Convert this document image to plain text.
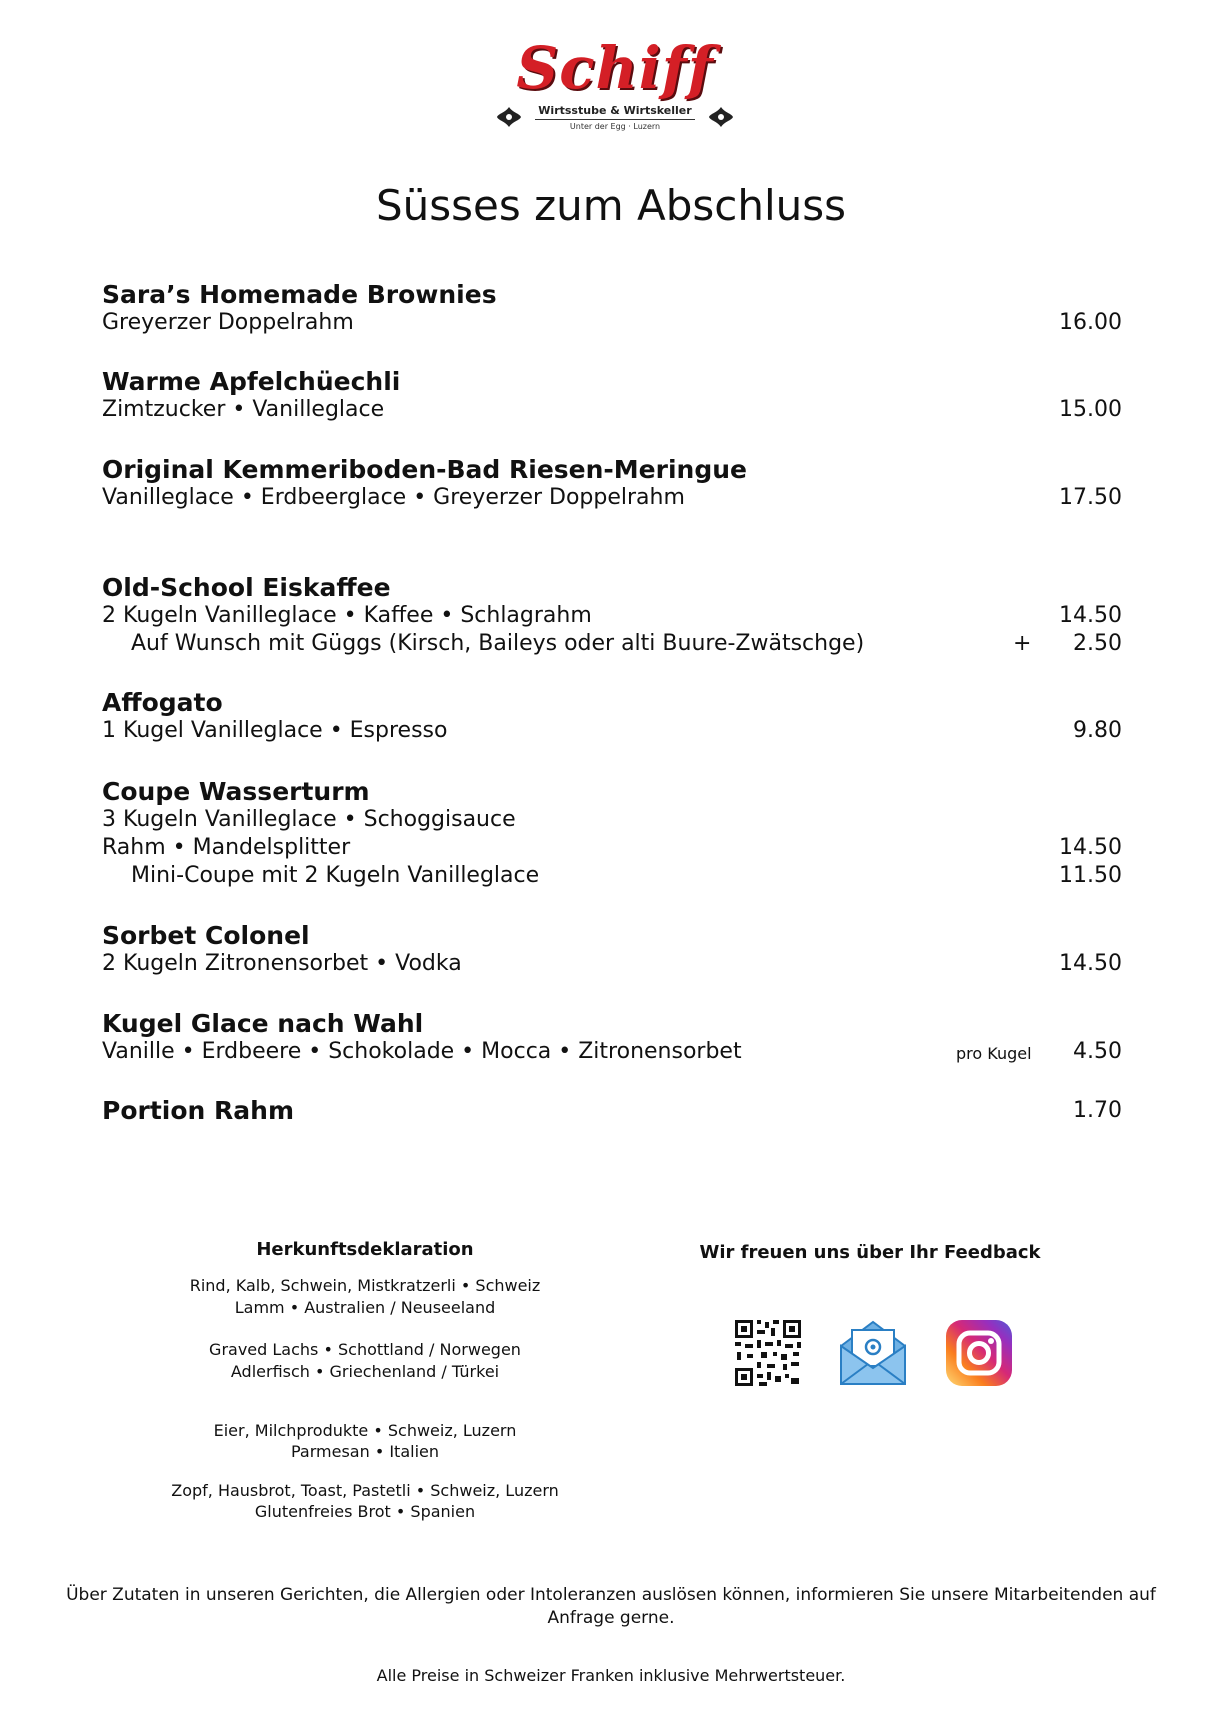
Schiff
Wirtsstube & Wirtskeller
Unter der Egg · Luzern
Süsses zum Abschluss
Sara’s Homemade Brownies
Greyerzer Doppelrahm	16.00
Warme Apfelchüechli
Zimtzucker • Vanilleglace	15.00
Original Kemmeriboden-Bad Riesen-Meringue
Vanilleglace • Erdbeerglace • Greyerzer Doppelrahm	17.50
Old-School Eiskaffee
2 Kugeln Vanilleglace • Kaffee • Schlagrahm	14.50
Auf Wunsch mit Güggs (Kirsch, Baileys oder alti Buure-Zwätschge)	+	2.50
Affogato
1 Kugel Vanilleglace • Espresso	9.80
Coupe Wasserturm
3 Kugeln Vanilleglace • Schoggisauce
Rahm • Mandelsplitter	14.50
Mini-Coupe mit 2 Kugeln Vanilleglace	11.50
Sorbet Colonel
2 Kugeln Zitronensorbet • Vodka	14.50
Kugel Glace nach Wahl
Vanille • Erdbeere • Schokolade • Mocca • Zitronensorbet	pro Kugel	4.50
Portion Rahm	1.70
Herkunftsdeklaration
Rind, Kalb, Schwein, Mistkratzerli • Schweiz
Lamm • Australien / Neuseeland
Graved Lachs • Schottland / Norwegen
Adlerfisch • Griechenland / Türkei
Eier, Milchprodukte • Schweiz, Luzern
Parmesan • Italien
Zopf, Hausbrot, Toast, Pastetli • Schweiz, Luzern
Glutenfreies Brot • Spanien
Wir freuen uns über Ihr Feedback
Über Zutaten in unseren Gerichten, die Allergien oder Intoleranzen auslösen können, informieren Sie unsere Mitarbeitenden auf Anfrage gerne.
Alle Preise in Schweizer Franken inklusive Mehrwertsteuer.
